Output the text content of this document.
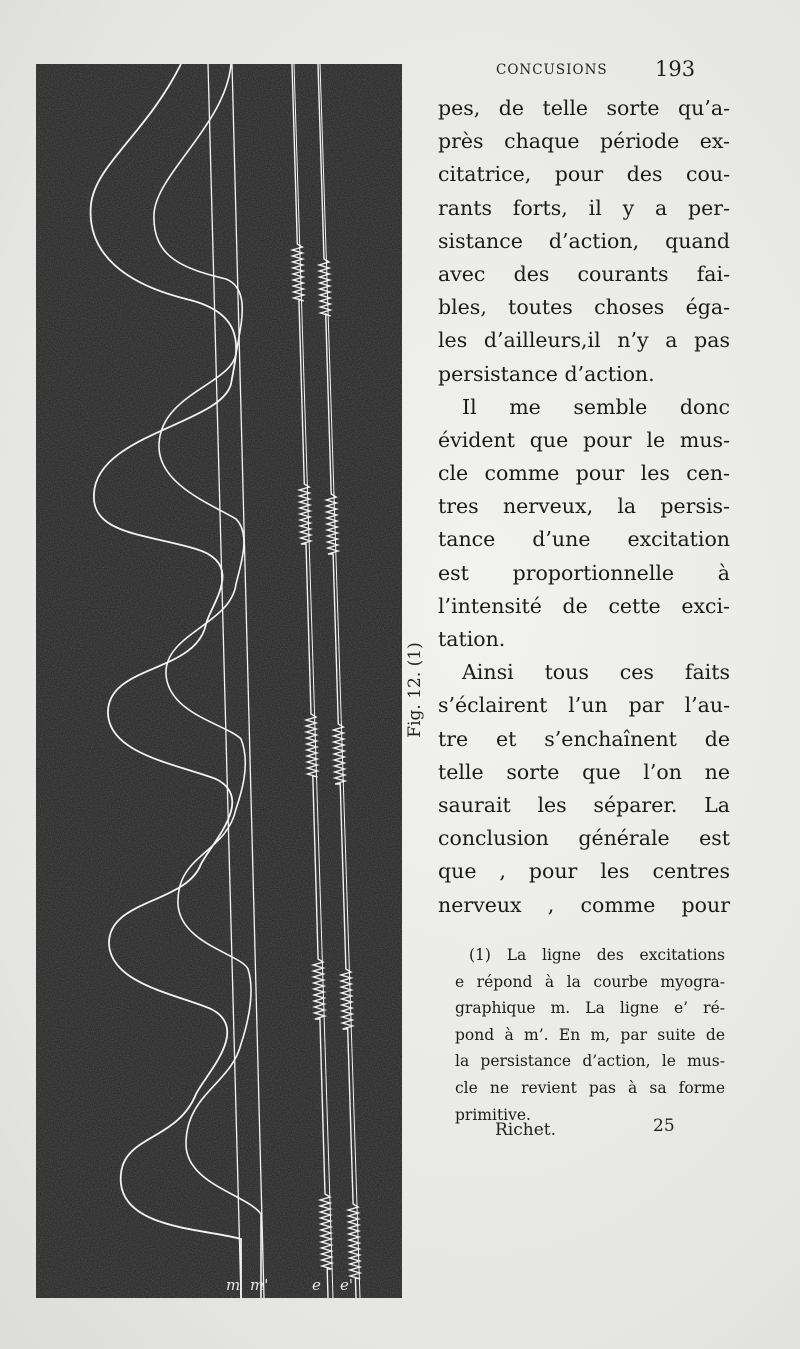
m m'	e e'
Fig. 12. (1)
CONCUSIONS	193
pes, de telle sorte qu’a-
près chaque période ex-
citatrice, pour des cou-
rants forts, il y a per-
sistance d’action, quand
avec des courants fai-
bles, toutes choses éga-
les d’ailleurs,il n’y a pas
persistance d’action.
Il me semble donc
évident que pour le mus-
cle comme pour les cen-
tres nerveux, la persis-
tance d’une excitation
est proportionnelle à
l’intensité de cette exci-
tation.
Ainsi tous ces faits
s’éclairent l’un par l’au-
tre et s’enchaînent de
telle sorte que l’on ne
saurait les séparer. La
conclusion générale est
que , pour les centres
nerveux , comme pour
(1) La ligne des excitations
e répond à la courbe myogra-
graphique m. La ligne e’ ré-
pond à m’. En m, par suite de
la persistance d’action, le mus-
cle ne revient pas à sa forme
primitive.
Richet.	25
